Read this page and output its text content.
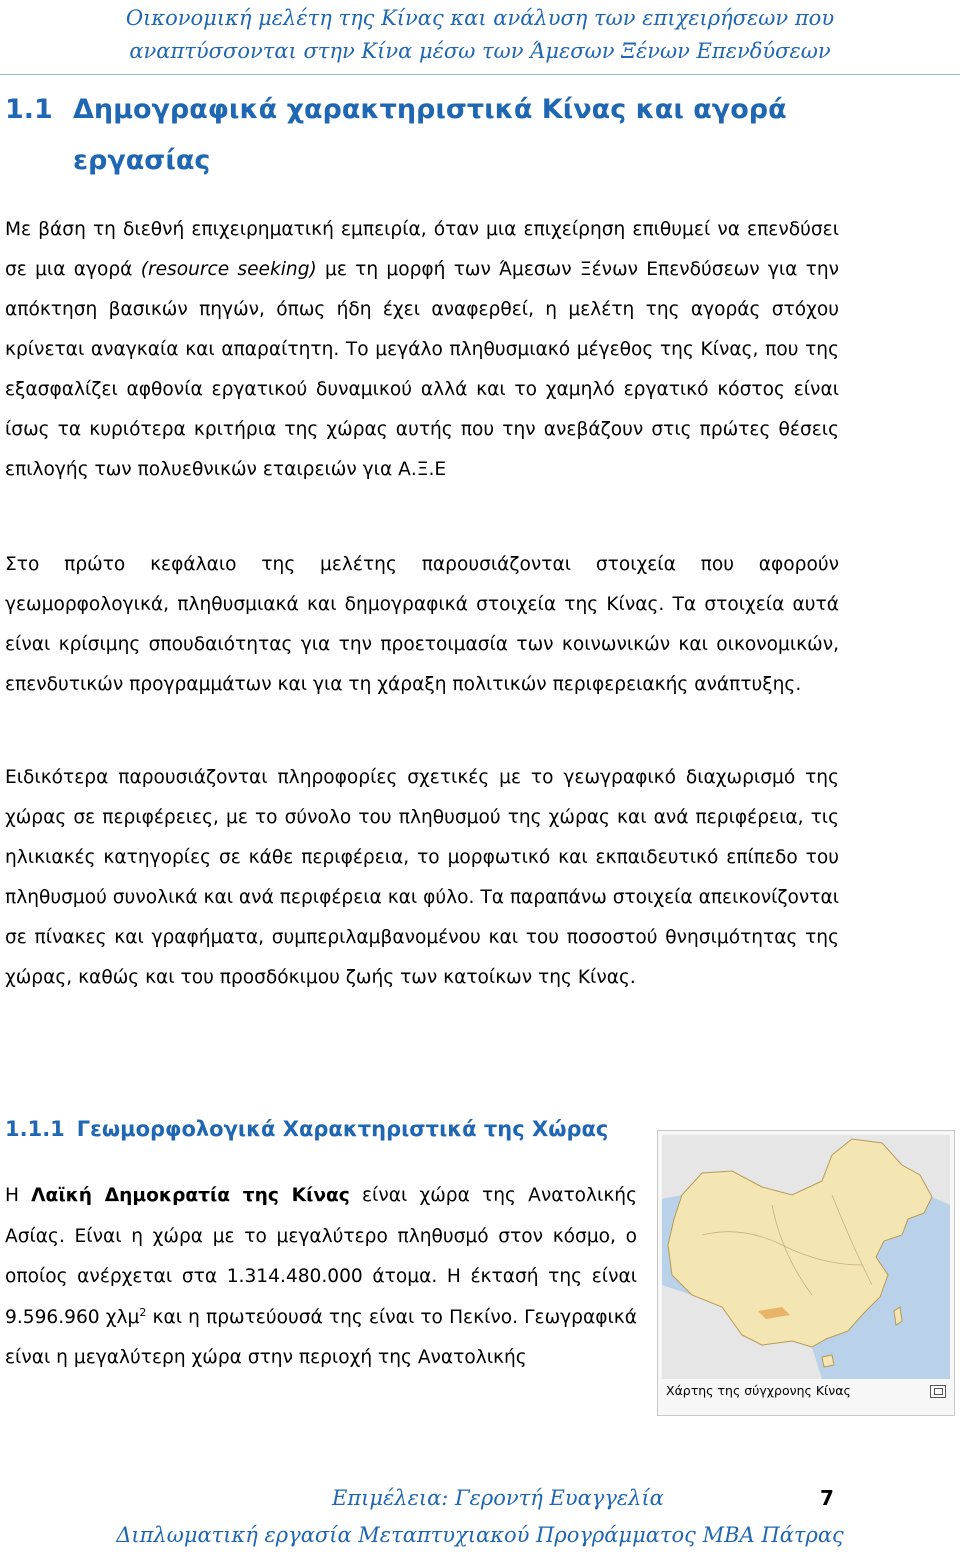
Οικονομική μελέτη της Κίνας και ανάλυση των επιχειρήσεων που
αναπτύσσονται στην Κίνα μέσω των Άμεσων Ξένων Επενδύσεων
1.1 Δημογραφικά χαρακτηριστικά Κίνας και αγορά
εργασίας

Με βάση τη διεθνή επιχειρηματική εμπειρία, όταν μια επιχείρηση επιθυμεί να επενδύσει σε μια αγορά (resource seeking) με τη μορφή των Άμεσων Ξένων Επενδύσεων για την απόκτηση βασικών πηγών, όπως ήδη έχει αναφερθεί, η μελέτη της αγοράς στόχου κρίνεται αναγκαία και απαραίτητη. Το μεγάλο πληθυσμιακό μέγεθος της Κίνας, που της εξασφαλίζει αφθονία εργατικού δυναμικού αλλά και το χαμηλό εργατικό κόστος είναι ίσως τα κυριότερα κριτήρια της χώρας αυτής που την ανεβάζουν στις πρώτες θέσεις επιλογής των πολυεθνικών εταιρειών για Α.Ξ.Ε

Στο πρώτο κεφάλαιο της μελέτης παρουσιάζονται στοιχεία που αφορούν γεωμορφολογικά, πληθυσμιακά και δημογραφικά στοιχεία της Κίνας. Τα στοιχεία αυτά είναι κρίσιμης σπουδαιότητας για την προετοιμασία των κοινωνικών και οικονομικών, επενδυτικών προγραμμάτων και για τη χάραξη πολιτικών περιφερειακής ανάπτυξης.

Ειδικότερα παρουσιάζονται πληροφορίες σχετικές με το γεωγραφικό διαχωρισμό της χώρας σε περιφέρειες, με το σύνολο του πληθυσμού της χώρας και ανά περιφέρεια, τις ηλικιακές κατηγορίες σε κάθε περιφέρεια, το μορφωτικό και εκπαιδευτικό επίπεδο του πληθυσμού συνολικά και ανά περιφέρεια και φύλο. Τα παραπάνω στοιχεία απεικονίζονται σε πίνακες και γραφήματα, συμπεριλαμβανομένου και του ποσοστού θνησιμότητας της χώρας, καθώς και του προσδόκιμου ζωής των κατοίκων της Κίνας.

1.1.1 Γεωμορφολογικά Χαρακτηριστικά της Χώρας
Η Λαϊκή Δημοκρατία της Κίνας είναι χώρα της Ανατολικής Ασίας. Είναι η χώρα με το μεγαλύτερο πληθυσμό στον κόσμο, ο οποίος ανέρχεται στα 1.314.480.000 άτομα. Η έκτασή της είναι 9.596.960 χλμ$^2$ και η πρωτεύουσά της είναι το Πεκίνο. Γεωγραφικά είναι η μεγαλύτερη χώρα στην περιοχή της Ανατολικής
Χάρτης της σύγχρονης Κίνας
Επιμέλεια: Γεροντή Ευαγγελία	7
Διπλωματική εργασία Μεταπτυχιακού Προγράμματος MBA Πάτρας
